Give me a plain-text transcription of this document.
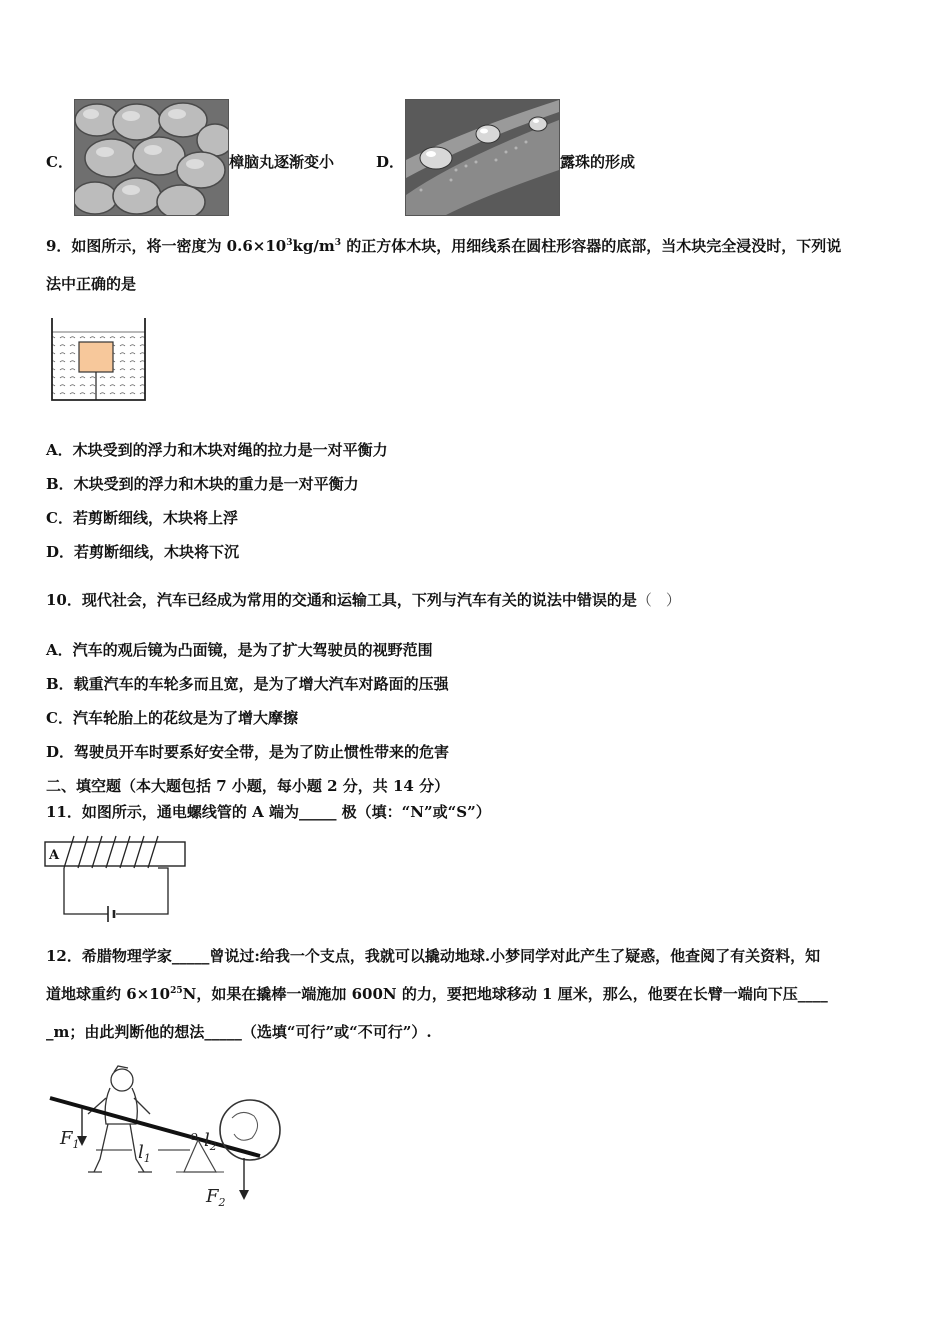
C．	樟脑丸逐渐变小	D．	露珠的形成
9．如图所示，将一密度为 $0.6\times 10^3kg/m^3$ 的正方体木块，用细线系在圆柱形容器的底部，当木块完全浸没时，下列说
法中正确的是
A．木块受到的浮力和木块对绳的拉力是一对平衡力
B．木块受到的浮力和木块的重力是一对平衡力
C．若剪断细线，木块将上浮
D．若剪断细线，木块将下沉
10．现代社会，汽车已经成为常用的交通和运输工具，下列与汽车有关的说法中错误的是（ ）
A．汽车的观后镜为凸面镜，是为了扩大驾驶员的视野范围
B．载重汽车的车轮多而且宽，是为了增大汽车对路面的压强
C．汽车轮胎上的花纹是为了增大摩擦
D．驾驶员开车时要系好安全带，是为了防止惯性带来的危害
二、填空题（本大题包括 7 小题，每小题 2 分，共 14 分）
11．如图所示，通电螺线管的 A 端为_____ 极（填：“N”或“S”）
A
12．希腊物理学家_____曾说过:给我一个支点，我就可以撬动地球.小梦同学对此产生了疑惑，他查阅了有关资料，知
道地球重约 $6\times 10^{25}N$，如果在撬棒一端施加 600N 的力，要把地球移动 1 厘米，那么，他要在长臂一端向下压____
_m；由此判断他的想法_____（选填“可行”或“不可行”）.
$F_1$	$l_1$
o $l_2$
$F_2$
